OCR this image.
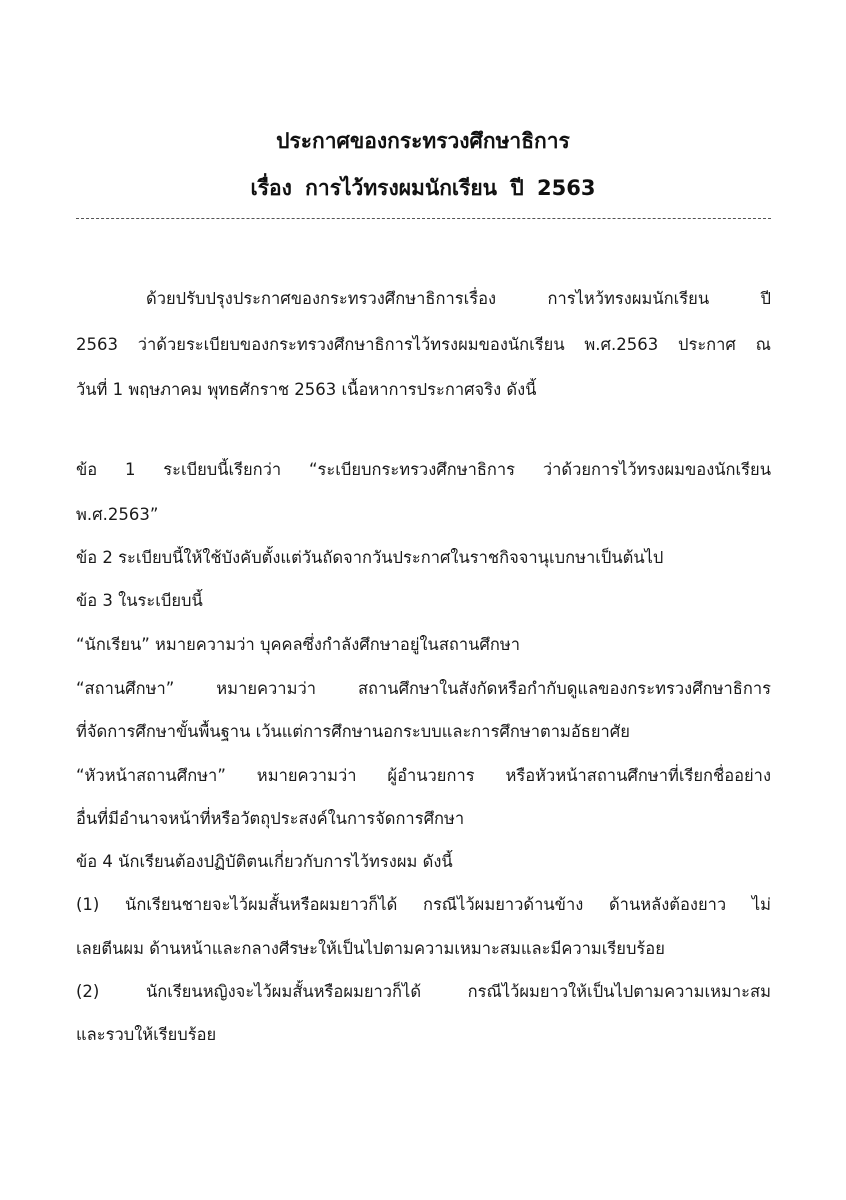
ประกาศของกระทรวงศึกษาธิการ
เรื่อง การไว้ทรงผมนักเรียน ปี 2563
ด้วยปรับปรุงประกาศของกระทรวงศึกษาธิการเรื่อง การไหว้ทรงผมนักเรียน ปี
2563 ว่าด้วยระเบียบของกระทรวงศึกษาธิการไว้ทรงผมของนักเรียน พ.ศ.2563 ประกาศ ณ
วันที่ 1 พฤษภาคม พุทธศักราช 2563 เนื้อหาการประกาศจริง ดังนี้
ข้อ 1 ระเบียบนี้เรียกว่า “ระเบียบกระทรวงศึกษาธิการ ว่าด้วยการไว้ทรงผมของนักเรียน
พ.ศ.2563”
ข้อ 2 ระเบียบนี้ให้ใช้บังคับตั้งแต่วันถัดจากวันประกาศในราชกิจจานุเบกษาเป็นต้นไป
ข้อ 3 ในระเบียบนี้
“นักเรียน” หมายความว่า บุคคลซึ่งกำลังศึกษาอยู่ในสถานศึกษา
“สถานศึกษา” หมายความว่า สถานศึกษาในสังกัดหรือกำกับดูแลของกระทรวงศึกษาธิการ
ที่จัดการศึกษาขั้นพื้นฐาน เว้นแต่การศึกษานอกระบบและการศึกษาตามอัธยาศัย
“หัวหน้าสถานศึกษา” หมายความว่า ผู้อำนวยการ หรือหัวหน้าสถานศึกษาที่เรียกชื่ออย่าง
อื่นที่มีอำนาจหน้าที่หรือวัตถุประสงค์ในการจัดการศึกษา
ข้อ 4 นักเรียนต้องปฏิบัติตนเกี่ยวกับการไว้ทรงผม ดังนี้
(1) นักเรียนชายจะไว้ผมสั้นหรือผมยาวก็ได้ กรณีไว้ผมยาวด้านข้าง ด้านหลังต้องยาว ไม่
เลยตีนผม ด้านหน้าและกลางศีรษะให้เป็นไปตามความเหมาะสมและมีความเรียบร้อย
(2) นักเรียนหญิงจะไว้ผมสั้นหรือผมยาวก็ได้ กรณีไว้ผมยาวให้เป็นไปตามความเหมาะสม
และรวบให้เรียบร้อย
